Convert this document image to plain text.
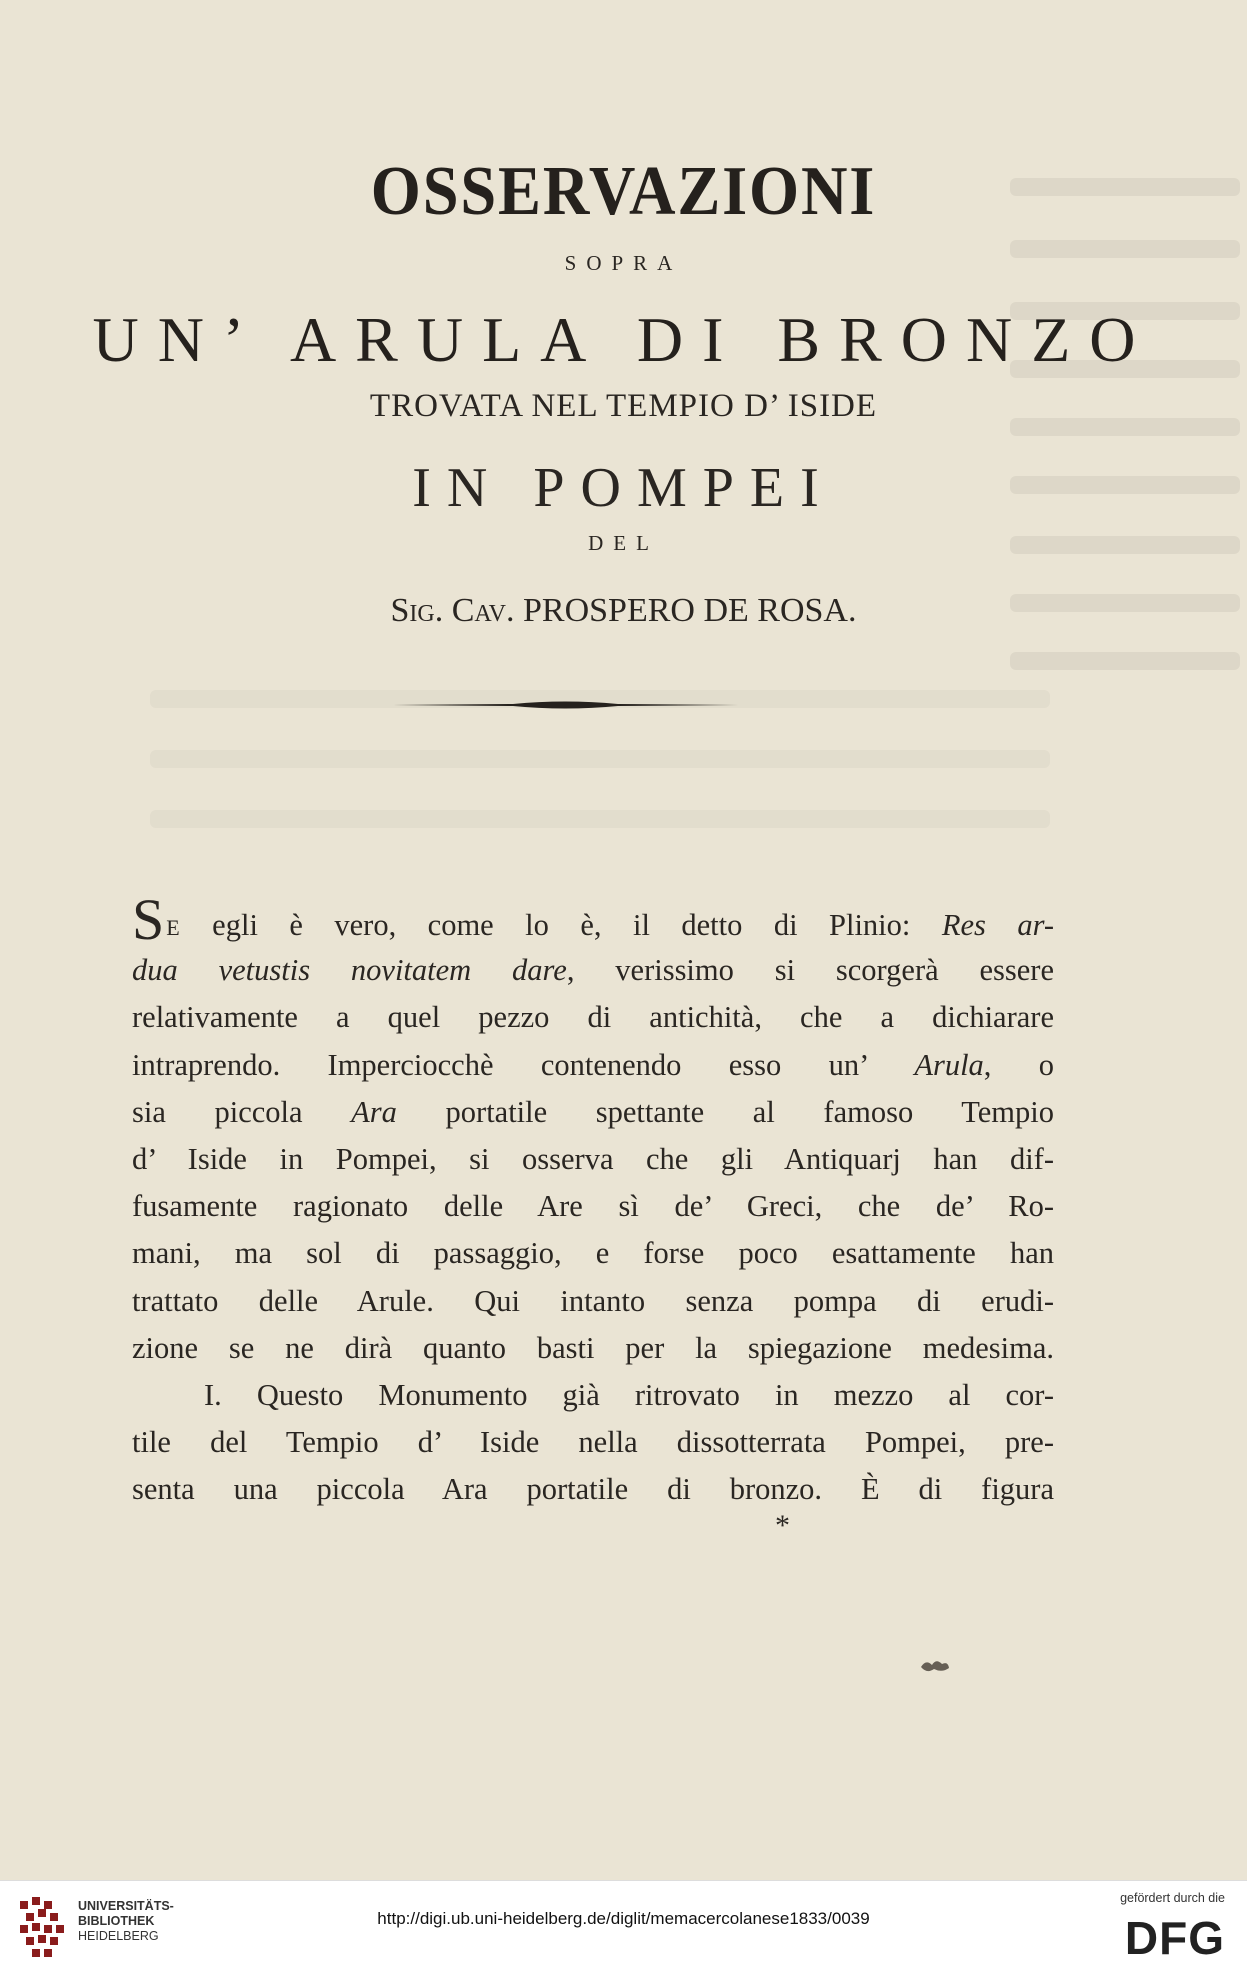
OSSERVAZIONI
SOPRA
UN’ ARULA DI BRONZO
TROVATA NEL TEMPIO D’ ISIDE
IN POMPEI
DEL
Sig. Cav. PROSPERO DE ROSA.
SE egli è vero, come lo è, il detto di Plinio: Res ar-
dua vetustis novitatem dare, verissimo si scorgerà essere
relativamente a quel pezzo di antichità, che a dichiarare
intraprendo. Imperciocchè contenendo esso un’ Arula, o
sia piccola Ara portatile spettante al famoso Tempio
d’ Iside in Pompei, si osserva che gli Antiquarj han dif-
fusamente ragionato delle Are sì de’ Greci, che de’ Ro-
mani, ma sol di passaggio, e forse poco esattamente han
trattato delle Arule. Qui intanto senza pompa di erudi-
zione se ne dirà quanto basti per la spiegazione medesima.
I. Questo Monumento già ritrovato in mezzo al cor-
tile del Tempio d’ Iside nella dissotterrata Pompei, pre-
senta una piccola Ara portatile di bronzo. È di figura
*
UNIVERSITÄTS-
BIBLIOTHEK
HEIDELBERG
http://digi.ub.uni-heidelberg.de/diglit/memacercolanese1833/0039
gefördert durch die
DFG
